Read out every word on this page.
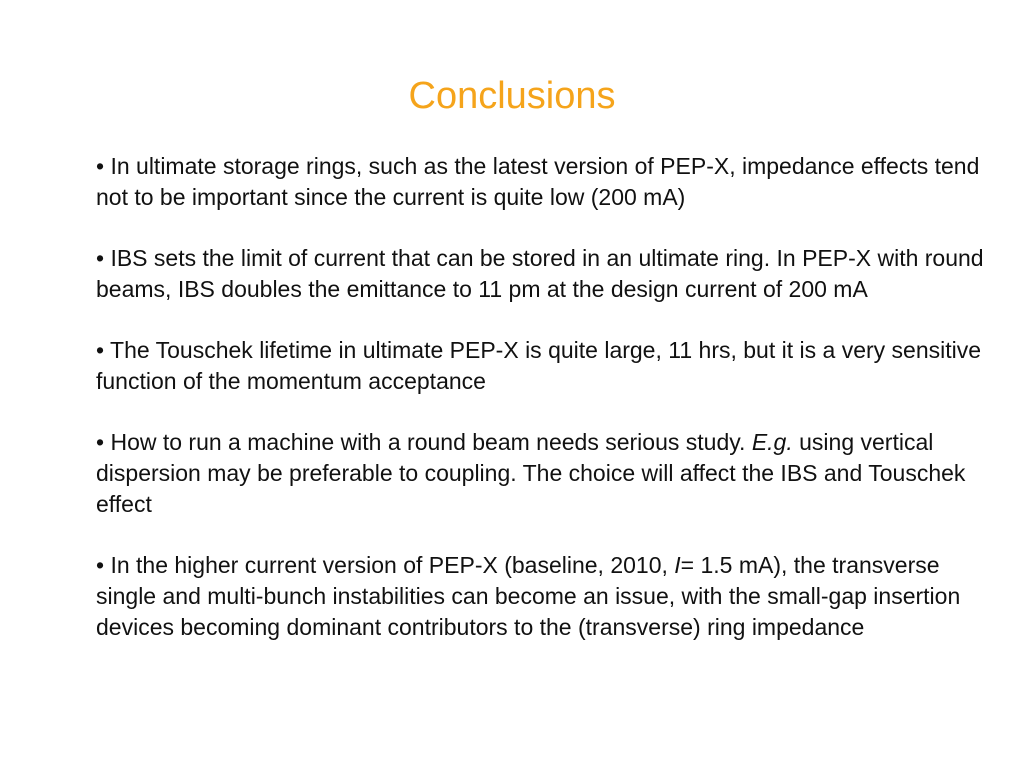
Conclusions
• In ultimate storage rings, such as the latest version of PEP-X, impedance effects tend not to be important since the current is quite low (200 mA)
• IBS sets the limit of current that can be stored in an ultimate ring. In PEP-X with round beams, IBS doubles the emittance to 11 pm at the design current of 200 mA
• The Touschek lifetime in ultimate PEP-X is quite large, 11 hrs, but it is a very sensitive function of the momentum acceptance
• How to run a machine with a round beam needs serious study. E.g. using vertical dispersion may be preferable to coupling. The choice will affect the IBS and Touschek effect
• In the higher current version of PEP-X (baseline, 2010, I= 1.5 mA), the transverse single and multi-bunch instabilities can become an issue, with the small-gap insertion devices becoming dominant contributors to the (transverse) ring impedance
